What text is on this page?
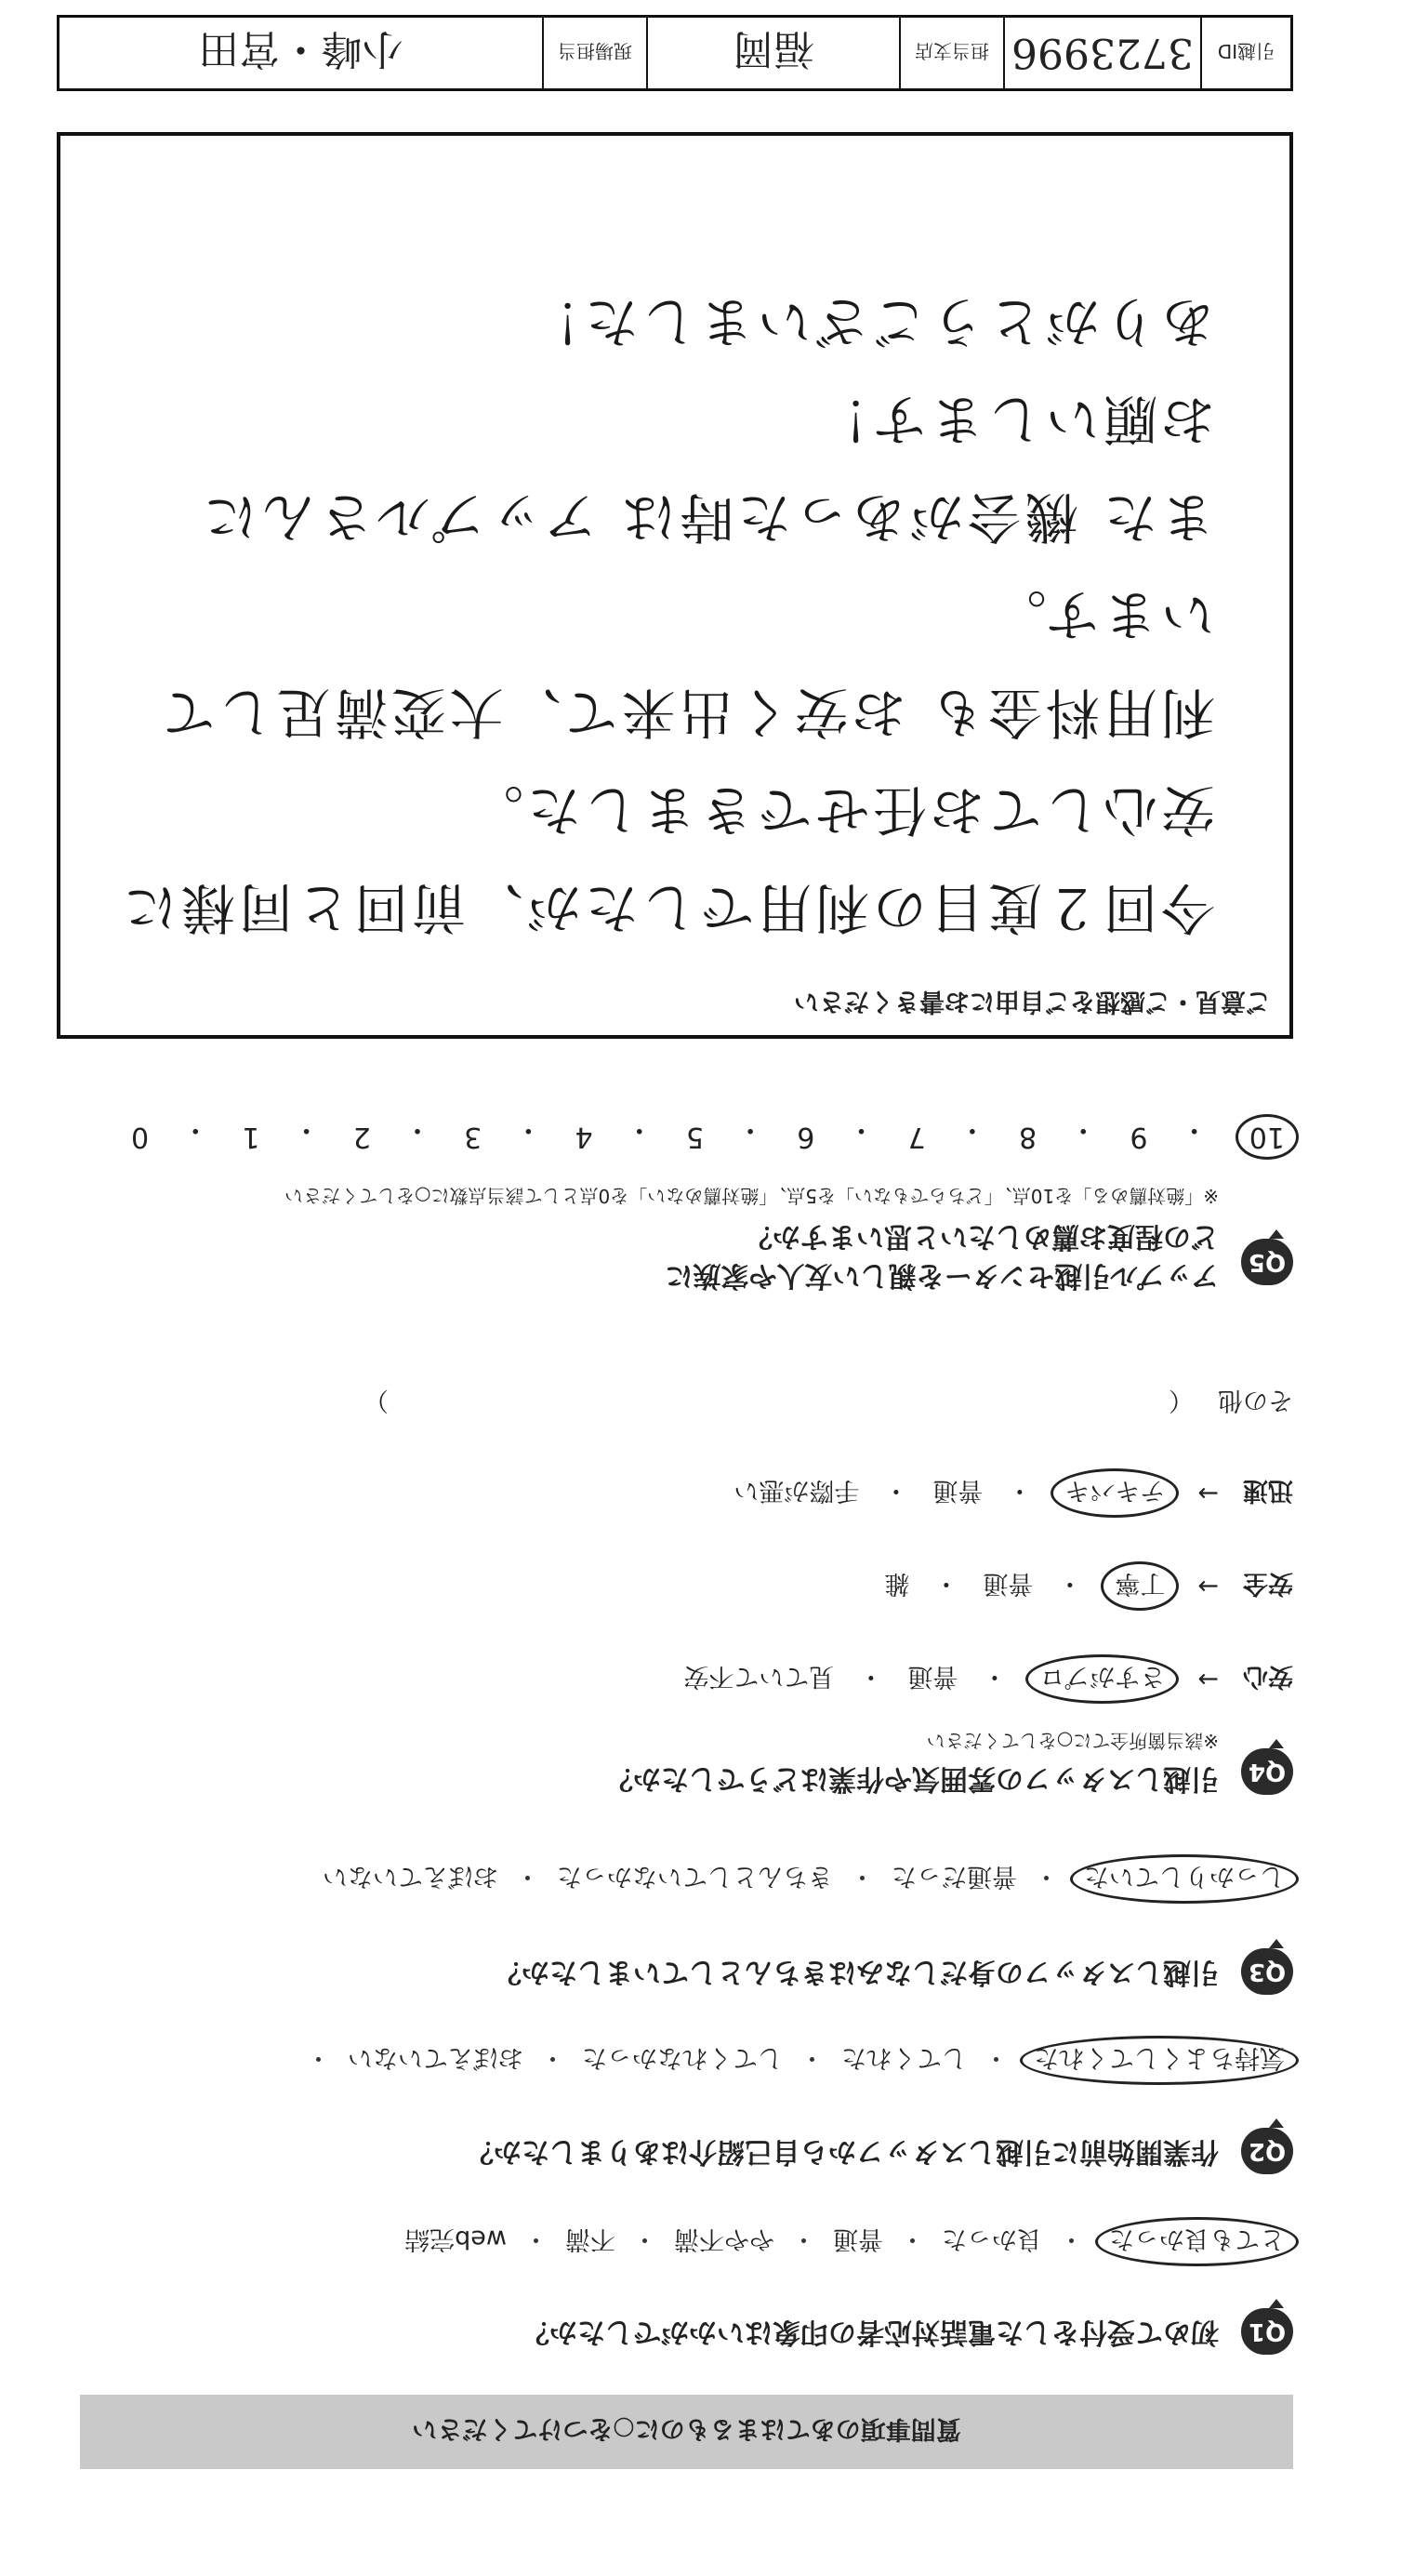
質問事項のあてはまるものに○をつけてください
Q1
初めて受付をした電話対応者の印象はいかがでしたか？
とても良かった
・
良かった
・
普通
・
やや不満
・
不満
・
web完結
Q2
作業開始前に引越しスタッフから自己紹介はありましたか？
気持ちよくしてくれた
・
してくれた
・
してくれなかった
・
おぼえていない
・
Q3
引越しスタッフの身だしなみはきちんとしていましたか？
しっかりしていた
・
普通だった
・
きちんとしていなかった
・
おぼえていない
Q4
引越しスタッフの雰囲気や作業はどうでしたか？
※該当箇所全てに○をしてください
安心
→
さすがプロ
・
普通
・
見ていて不安
安全
→
丁寧
・
普通
・
雑
迅速
→
テキパキ
・
普通
・
手際が悪い
その他
（
）
Q5
アップル引越センターを親しい友人や家族に
どの程度お薦めしたいと思いますか？
※「絶対薦める」を10点、「どちらでもない」を5点、「絶対薦めない」を0点として該当点数に○をしてください
10
・
9
・
8
・
7
・
6
・
5
・
4
・
3
・
2
・
1
・
0
ご意見・ご感想をご自由にお書きください
今回２度目の利用でしたが、前回と同様に
安心してお任せできました。
利用料金も お安く出来て、大変満足して
います。
また 機会があった時は アップルさんに
お願いします！
ありがとうございました！
引越ID
3723996
担当支店
福岡
現場担当
小峰・宮田
